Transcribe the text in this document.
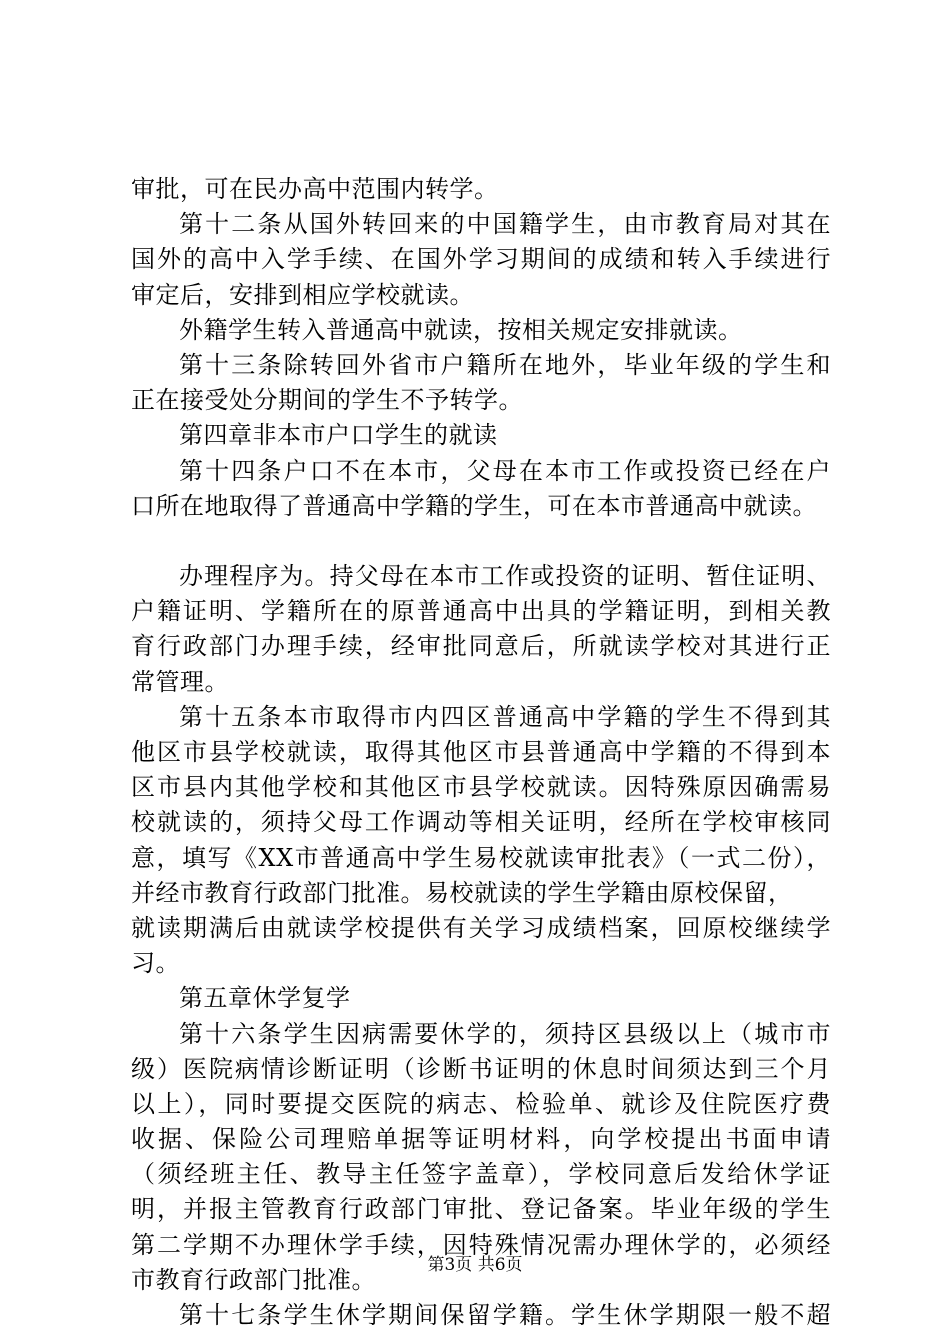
审批，可在民办高中范围内转学。
第十二条从国外转回来的中国籍学生，由市教育局对其在
国外的高中入学手续、在国外学习期间的成绩和转入手续进行
审定后，安排到相应学校就读。
外籍学生转入普通高中就读，按相关规定安排就读。
第十三条除转回外省市户籍所在地外，毕业年级的学生和
正在接受处分期间的学生不予转学。
第四章非本市户口学生的就读
第十四条户口不在本市，父母在本市工作或投资已经在户
口所在地取得了普通高中学籍的学生，可在本市普通高中就读。
办理程序为。持父母在本市工作或投资的证明、暂住证明、
户籍证明、学籍所在的原普通高中出具的学籍证明，到相关教
育行政部门办理手续，经审批同意后，所就读学校对其进行正
常管理。
第十五条本市取得市内四区普通高中学籍的学生不得到其
他区市县学校就读，取得其他区市县普通高中学籍的不得到本
区市县内其他学校和其他区市县学校就读。因特殊原因确需易
校就读的，须持父母工作调动等相关证明，经所在学校审核同
意，填写《XX市普通高中学生易校就读审批表》（一式二份），
并经市教育行政部门批准。易校就读的学生学籍由原校保留，
就读期满后由就读学校提供有关学习成绩档案，回原校继续学
习。
第五章休学复学
第十六条学生因病需要休学的，须持区县级以上（城市市
级）医院病情诊断证明（诊断书证明的休息时间须达到三个月
以上），同时要提交医院的病志、检验单、就诊及住院医疗费
收据、保险公司理赔单据等证明材料，向学校提出书面申请
（须经班主任、教导主任签字盖章），学校同意后发给休学证
明，并报主管教育行政部门审批、登记备案。毕业年级的学生
第二学期不办理休学手续，因特殊情况需办理休学的，必须经
市教育行政部门批准。
第十七条学生休学期间保留学籍。学生休学期限一般不超
第3页 共6页
